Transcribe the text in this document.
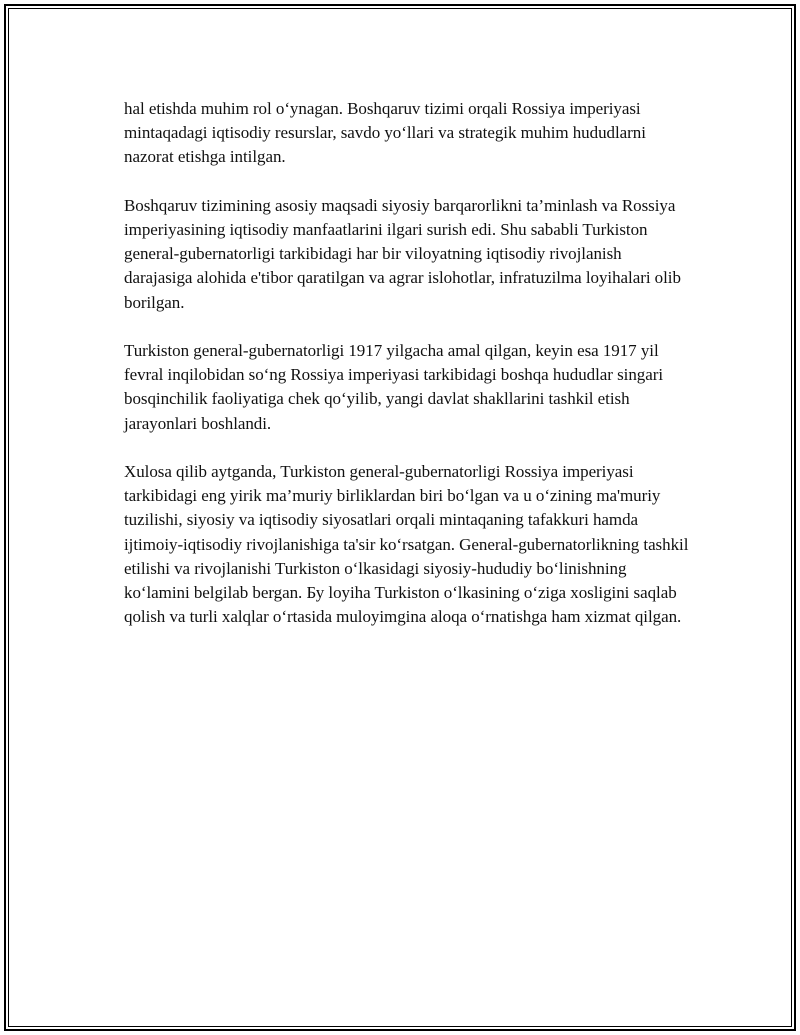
hal etishda muhim rol oʻynagan. Boshqaruv tizimi orqali Rossiya imperiyasi mintaqadagi iqtisodiy resurslar, savdo yoʻllari va strategik muhim hududlarni nazorat etishga intilgan.

Boshqaruv tizimining asosiy maqsadi siyosiy barqarorlikni ta’minlash va Rossiya imperiyasining iqtisodiy manfaatlarini ilgari surish edi. Shu sababli Turkiston general-gubernatorligi tarkibidagi har bir viloyatning iqtisodiy rivojlanish darajasiga alohida e'tibor qaratilgan va agrar islohotlar, infratuzilma loyihalari olib borilgan.

Turkiston general-gubernatorligi 1917 yilgacha amal qilgan, keyin esa 1917 yil fevral inqilobidan soʻng Rossiya imperiyasi tarkibidagi boshqa hududlar singari bosqinchilik faoliyatiga chek qoʻyilib, yangi davlat shakllarini tashkil etish jarayonlari boshlandi.

Xulosa qilib aytganda, Turkiston general-gubernatorligi Rossiya imperiyasi tarkibidagi eng yirik ma’muriy birliklardan biri boʻlgan va u oʻzining ma'muriy tuzilishi, siyosiy va iqtisodiy siyosatlari orqali mintaqaning tafakkuri hamda ijtimoiy-iqtisodiy rivojlanishiga ta'sir koʻrsatgan. General-gubernatorlikning tashkil etilishi va rivojlanishi Turkiston oʻlkasidagi siyosiy-hududiy boʻlinishning koʻlamini belgilab bergan. Бу loyiha Turkiston oʻlkasining oʻziga xosligini saqlab qolish va turli xalqlar oʻrtasida muloyimgina aloqa oʻrnatishga ham xizmat qilgan.
